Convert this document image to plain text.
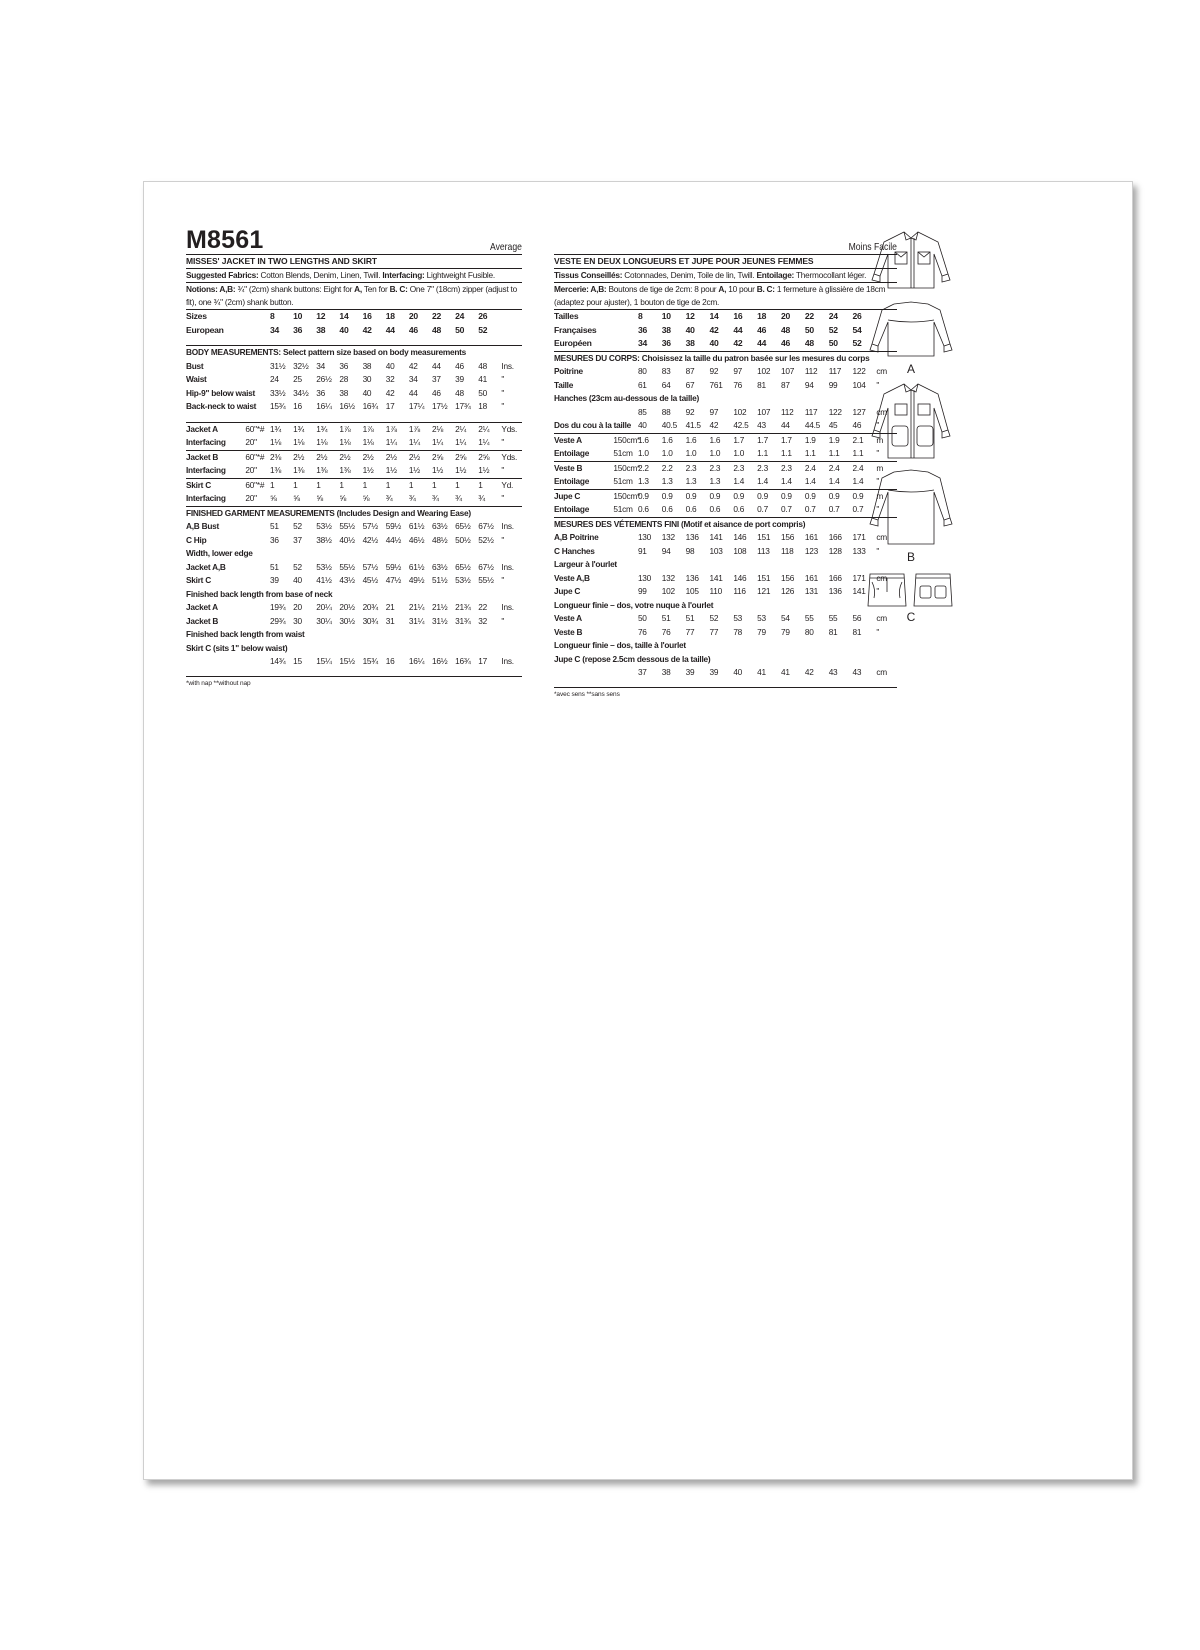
M8561	Average
MISSES' JACKET IN TWO LENGTHS AND SKIRT
Suggested Fabrics: Cotton Blends, Denim, Linen, Twill. Interfacing: Lightweight Fusible.
Notions: A,B: ¾" (2cm) shank buttons: Eight for A, Ten for B. C: One 7" (18cm) zipper (adjust to fit), one ¾" (2cm) shank button.
Sizes		8	10	12	14	16	18	20	22	24	26	
European		34	36	38	40	42	44	46	48	50	52	

BODY MEASUREMENTS: Select pattern size based on body measurements												
Bust		31½	32½	34	36	38	40	42	44	46	48	Ins.
Waist		24	25	26½	28	30	32	34	37	39	41	"
Hip-9" below waist		33½	34½	36	38	40	42	44	46	48	50	"
Back-neck to waist		15¾	16	16¼	16½	16¾	17	17¼	17½	17¾	18	"

Jacket A	60"*#	1¾	1¾	1¾	1⅞	1⅞	1⅞	1⅞	2⅛	2¼	2¼	Yds.
Interfacing	20"	1⅛	1⅛	1⅛	1⅛	1⅛	1¼	1¼	1¼	1¼	1¼	"
Jacket B	60"*#	2⅜	2½	2½	2½	2½	2½	2½	2⅝	2⅝	2⅝	Yds.
Interfacing	20"	1⅜	1⅜	1⅜	1⅜	1½	1½	1½	1½	1½	1½	"
Skirt C	60"*#	1	1	1	1	1	1	1	1	1	1	Yd.
Interfacing	20"	⅝	⅝	⅝	⅝	⅝	¾	¾	¾	¾	¾	"
FINISHED GARMENT MEASUREMENTS (Includes Design and Wearing Ease)												
A,B Bust		51	52	53½	55½	57½	59½	61½	63½	65½	67½	Ins.
C Hip		36	37	38½	40½	42½	44½	46½	48½	50½	52½	"
Width, lower edge												
Jacket A,B		51	52	53½	55½	57½	59½	61½	63½	65½	67½	Ins.
Skirt C		39	40	41½	43½	45½	47½	49½	51½	53½	55½	"
Finished back length from base of neck												
Jacket A		19¾	20	20¼	20½	20¾	21	21¼	21½	21¾	22	Ins.
Jacket B		29¾	30	30¼	30½	30¾	31	31¼	31½	31¾	32	"
Finished back length from waist												
Skirt C (sits 1" below waist)												
		14¾	15	15¼	15½	15¾	16	16¼	16½	16¾	17	Ins.
*with nap **without nap
Moins Facile
VESTE EN DEUX LONGUEURS ET JUPE POUR JEUNES FEMMES
Tissus Conseillés: Cotonnades, Denim, Toile de lin, Twill. Entoilage: Thermocollant léger.
Mercerie: A,B: Boutons de tige de 2cm: 8 pour A, 10 pour B. C: 1 fermeture à glissière de 18cm (adaptez pour ajuster), 1 bouton de tige de 2cm.
Tailles		8	10	12	14	16	18	20	22	24	26	
Françaises		36	38	40	42	44	46	48	50	52	54	
Européen		34	36	38	40	42	44	46	48	50	52	
MESURES DU CORPS: Choisissez la taille du patron basée sur les mesures du corps												
Poitrine		80	83	87	92	97	102	107	112	117	122	cm
Taille		61	64	67	761	76	81	87	94	99	104	"
Hanches (23cm au-dessous de la taille)												
		85	88	92	97	102	107	112	117	122	127	cm
Dos du cou à la taille		40	40.5	41.5	42	42.5	43	44	44.5	45	46	"
Veste A	150cm*	1.6	1.6	1.6	1.6	1.7	1.7	1.7	1.9	1.9	2.1	m
Entoilage	51cm	1.0	1.0	1.0	1.0	1.0	1.1	1.1	1.1	1.1	1.1	"
Veste B	150cm*	2.2	2.2	2.3	2.3	2.3	2.3	2.3	2.4	2.4	2.4	m
Entoilage	51cm	1.3	1.3	1.3	1.3	1.4	1.4	1.4	1.4	1.4	1.4	"
Jupe C	150cm*	0.9	0.9	0.9	0.9	0.9	0.9	0.9	0.9	0.9	0.9	m
Entoilage	51cm	0.6	0.6	0.6	0.6	0.6	0.7	0.7	0.7	0.7	0.7	"
MESURES DES VÉTEMENTS FINI (Motif et aisance de port compris)												
A,B Poitrine		130	132	136	141	146	151	156	161	166	171	cm
C Hanches		91	94	98	103	108	113	118	123	128	133	"
Largeur à l'ourlet												
Veste A,B		130	132	136	141	146	151	156	161	166	171	cm
Jupe C		99	102	105	110	116	121	126	131	136	141	"
Longueur finie – dos, votre nuque à l'ourlet												
Veste A		50	51	51	52	53	53	54	55	55	56	cm
Veste B		76	76	77	77	78	79	79	80	81	81	"
Longueur finie – dos, taille à l'ourlet												
Jupe C (repose 2.5cm dessous de la taille)												
		37	38	39	39	40	41	41	42	43	43	cm
*avec sens **sans sens
A
B
C
